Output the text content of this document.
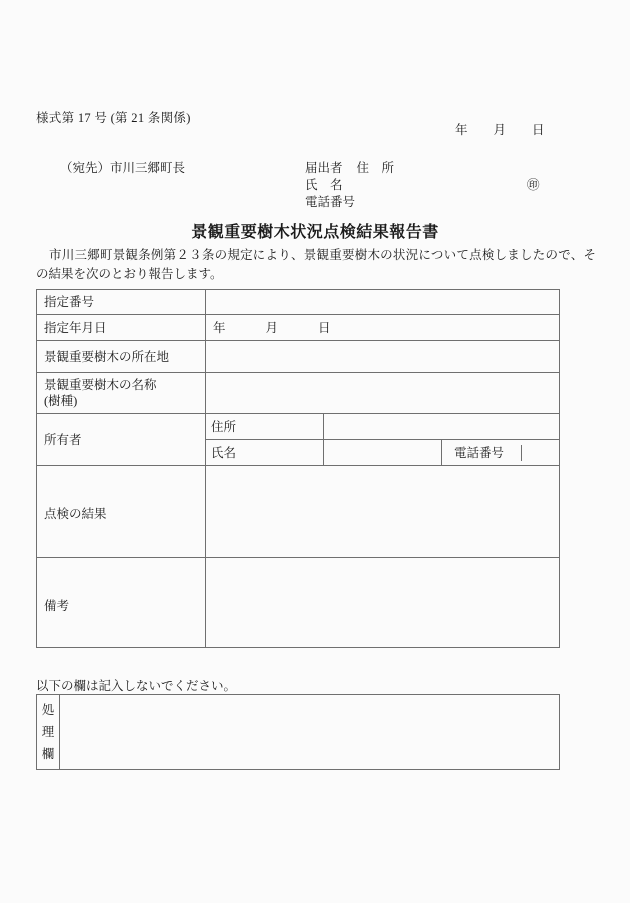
様式第 17 号 (第 21 条関係)
年 月 日
（宛先）市川三郷町長	届出者 住　所
氏　名	㊞
電話番号
景観重要樹木状況点検結果報告書
市川三郷町景観条例第２３条の規定により、景観重要樹木の状況について点検しましたので、その結果を次のとおり報告します。
指定番号	
指定年月日	年	月	日
景観重要樹木の所在地	
景観重要樹木の名称
(樹種)	
所有者	住所	
氏名			電話番号	

点検の結果	
備考	
以下の欄は記入しないでください。
処
理
欄
